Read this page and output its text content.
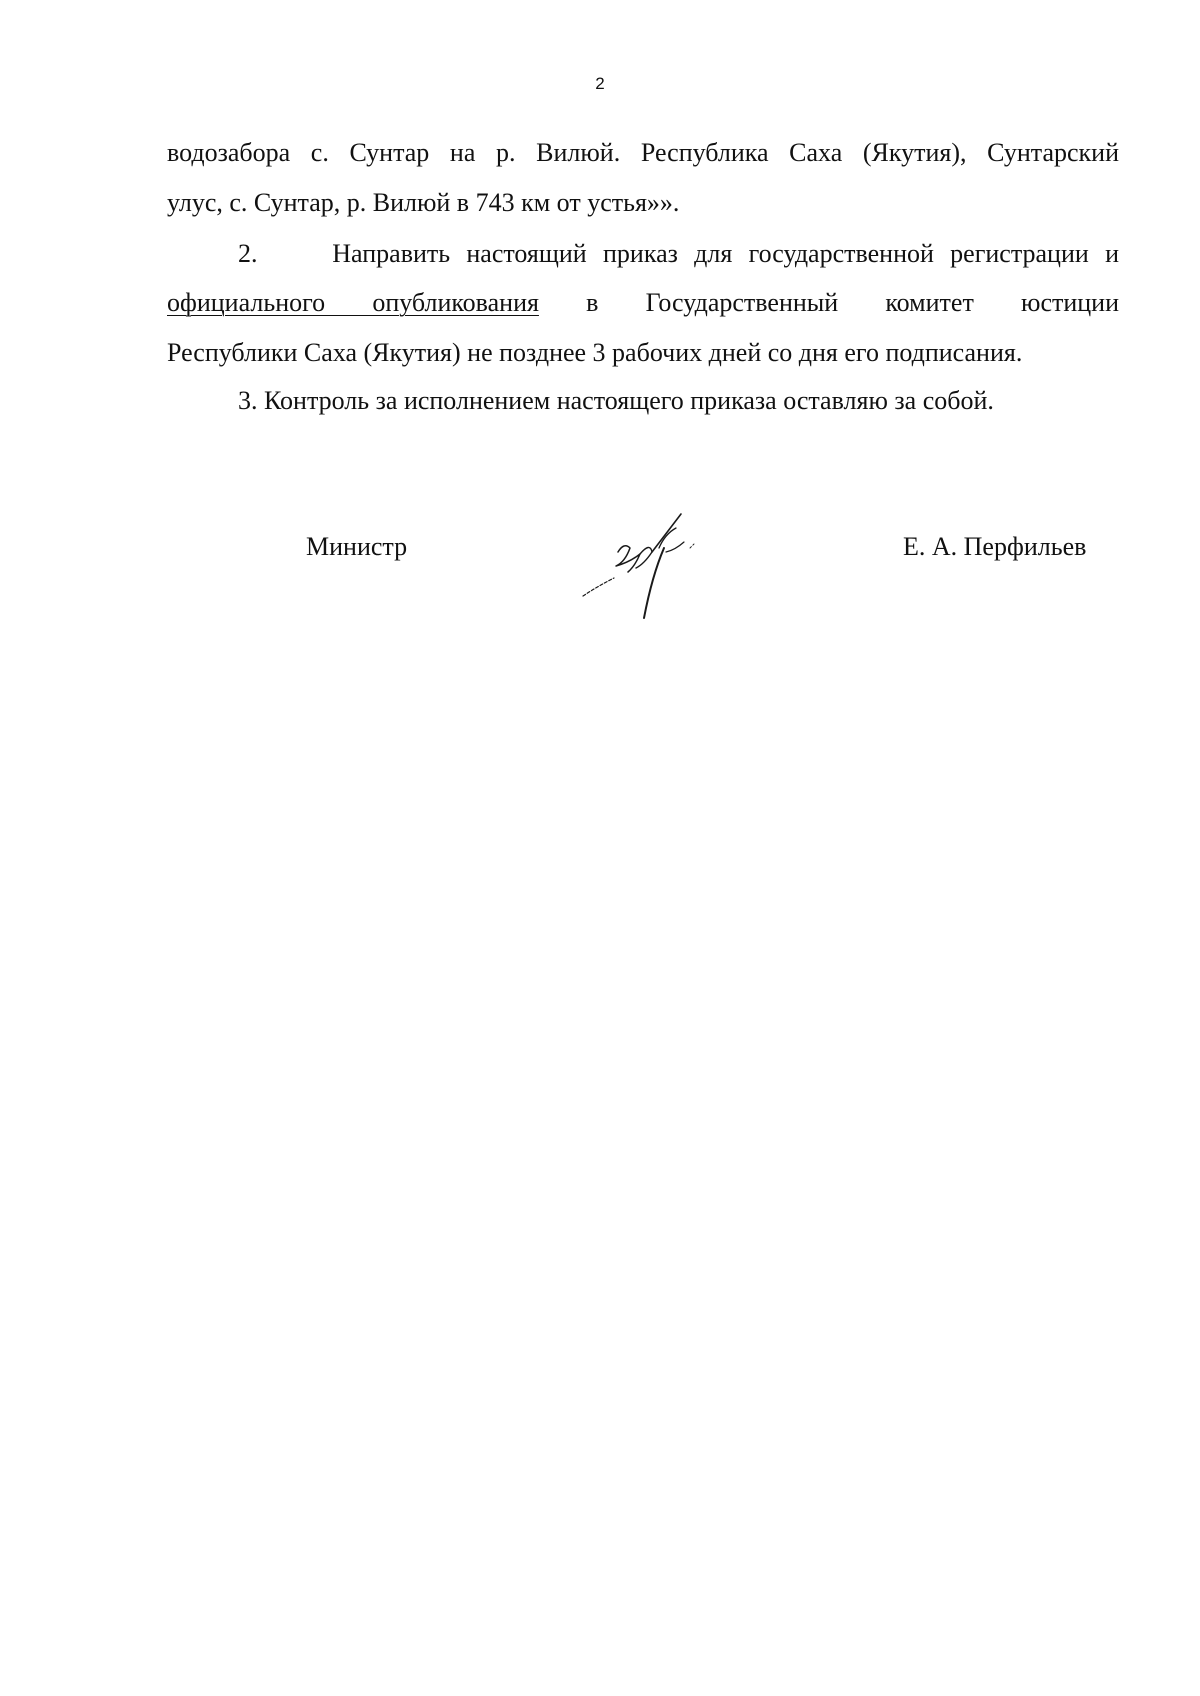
2
водозабора с. Сунтар на р. Вилюй. Республика Саха (Якутия), Сунтарский
улус, с. Сунтар, р. Вилюй в 743 км от устья»».
2.	Направить настоящий приказ для государственной регистрации и
официального опубликования в Государственный комитет юстиции
Республики Саха (Якутия) не позднее 3 рабочих дней со дня его подписания.
3. Контроль за исполнением настоящего приказа оставляю за собой.
Министр	Е. А. Перфильев
